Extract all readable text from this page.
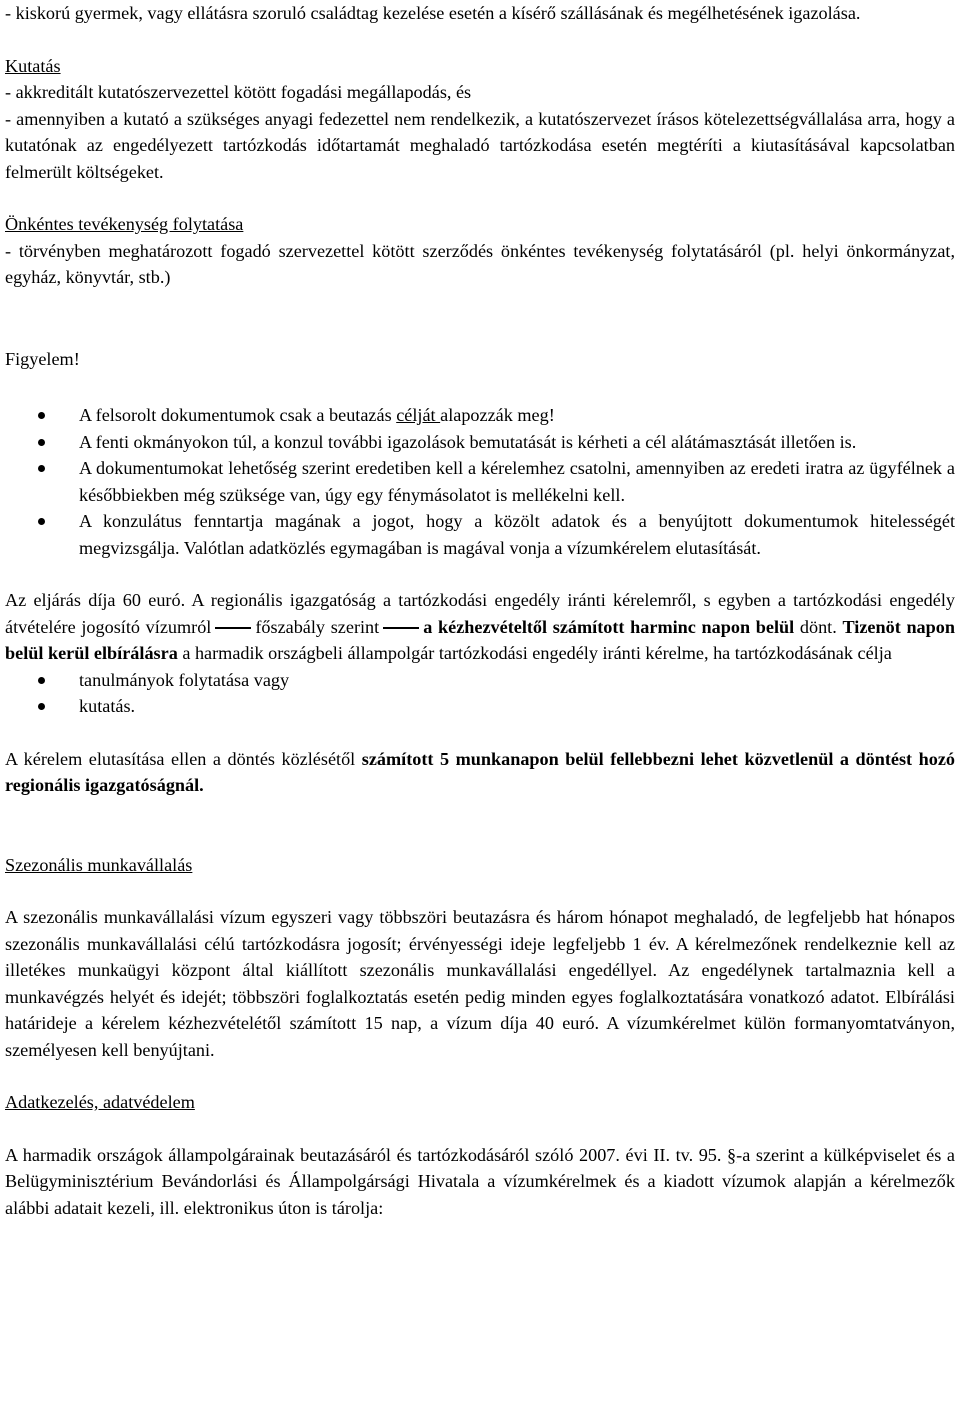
- kiskorú gyermek, vagy ellátásra szoruló családtag kezelése esetén a kísérő szállásának és megélhetésének igazolása.

Kutatás

- akkreditált kutatószervezettel kötött fogadási megállapodás, és

- amennyiben a kutató a szükséges anyagi fedezettel nem rendelkezik, a kutatószervezet írásos kötelezettségvállalása arra, hogy a kutatónak az engedélyezett tartózkodás időtartamát meghaladó tartózkodása esetén megtéríti a kiutasításával kapcsolatban felmerült költségeket.

Önkéntes tevékenység folytatása

- törvényben meghatározott fogadó szervezettel kötött szerződés önkéntes tevékenység folytatásáról (pl. helyi önkormányzat, egyház, könyvtár, stb.)

Figyelem!

A felsorolt dokumentumok csak a beutazás célját alapozzák meg!
A fenti okmányokon túl, a konzul további igazolások bemutatását is kérheti a cél alátámasztását illetően is.
A dokumentumokat lehetőség szerint eredetiben kell a kérelemhez csatolni, amennyiben az eredeti iratra az ügyfélnek a későbbiekben még szüksége van, úgy egy fénymásolatot is mellékelni kell.
A konzulátus fenntartja magának a jogot, hogy a közölt adatok és a benyújtott dokumentumok hitelességét megvizsgálja. Valótlan adatközlés egymagában is magával vonja a vízumkérelem elutasítását.

Az eljárás díja 60 euró. A regionális igazgatóság a tartózkodási engedély iránti kérelemről, s egyben a tartózkodási engedély átvételére jogosító vízumról főszabály szerint a kézhezvételtől számított harminc napon belül dönt. Tizenöt napon belül kerül elbírálásra a harmadik országbeli állampolgár tartózkodási engedély iránti kérelme, ha tartózkodásának célja

tanulmányok folytatása vagy
kutatás.

A kérelem elutasítása ellen a döntés közlésétől számított 5 munkanapon belül fellebbezni lehet közvetlenül a döntést hozó regionális igazgatóságnál.

Szezonális munkavállalás

A szezonális munkavállalási vízum egyszeri vagy többszöri beutazásra és három hónapot meghaladó, de legfeljebb hat hónapos szezonális munkavállalási célú tartózkodásra jogosít; érvényességi ideje legfeljebb 1 év. A kérelmezőnek rendelkeznie kell az illetékes munkaügyi központ által kiállított szezonális munkavállalási engedéllyel. Az engedélynek tartalmaznia kell a munkavégzés helyét és idejét; többszöri foglalkoztatás esetén pedig minden egyes foglalkoztatására vonatkozó adatot. Elbírálási határideje a kérelem kézhezvételétől számított 15 nap, a vízum díja 40 euró. A vízumkérelmet külön formanyomtatványon, személyesen kell benyújtani.

Adatkezelés, adatvédelem

A harmadik országok állampolgárainak beutazásáról és tartózkodásáról szóló 2007. évi II. tv. 95. §-a szerint a külképviselet és a Belügyminisztérium Bevándorlási és Állampolgársági Hivatala a vízumkérelmek és a kiadott vízumok alapján a kérelmezők alábbi adatait kezeli, ill. elektronikus úton is tárolja:
